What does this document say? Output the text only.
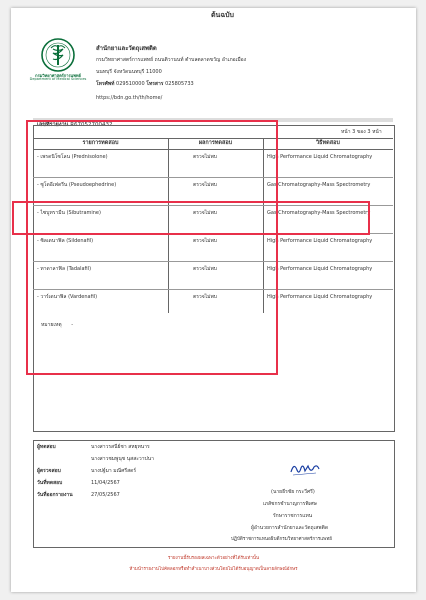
ต้นฉบับ
กรมวิทยาศาสตร์การแพทย์
Department of Medical Sciences
สำนักยาและวัตถุเสพติด
กรมวิทยาศาสตร์การแพทย์ ถนนติวานนท์ ตำบลตลาดขวัญ อำเภอเมือง
นนทบุรี จังหวัดนนทบุรี 11000
โทรศัพท์ 029510000 โทรสาร 025805733
https://bdn.go.th/th/home/
เลขที่รายงาน R67052700432
หน้า 3 ของ 3 หน้า
รายการทดสอบ	ผลการทดสอบ	วิธีทดสอบ
- เพรดนิโซโลน (Prednisolone)	ตรวจไม่พบ	High Performance Liquid Chromatography
- ซูโดอีเฟดรีน (Pseudoephedrine)	ตรวจไม่พบ	Gas Chromatography-Mass Spectrometry
- ไซบูทรามีน (Sibutramine)	ตรวจไม่พบ	Gas Chromatography-Mass Spectrometry
- ซิลเดนาฟิล (Sildenafil)	ตรวจไม่พบ	High Performance Liquid Chromatography
- ทาดาลาฟิล (Tadalafil)	ตรวจไม่พบ	High Performance Liquid Chromatography
- วาร์เดนาฟิล (Vardenafil)	ตรวจไม่พบ	High Performance Liquid Chromatography
หมายเหตุ -
ผู้ทดสอบ	นางสาวรสนีย์ชา สหยุทนาร
นางสาวชมพูนุช นุสสะวาปนา
ผู้ตรวจสอบ	นางปฐ์มา มณีศรีสดร์
วันที่ทดสอบ	11/04/2567
วันที่ออกรายงาน	27/05/2567	(นายธีรชัย กระวีศรี)
เภสัชกรชำนาญการพิเศษ
รักษาราชการแทน
ผู้อำนวยการสำนักยาและวัตถุเสพติด
ปฏิบัติราชการแทนอธิบดีกรมวิทยาศาสตร์การแพทย์
รายงานนี้รับรองผลเฉพาะตัวอย่างที่ได้รับเท่านั้น
ห้ามนำรายงานไปคัดลอกหรือทำสำเนาบางส่วนโดยไม่ได้รับอนุญาตเป็นลายลักษณ์อักษร
